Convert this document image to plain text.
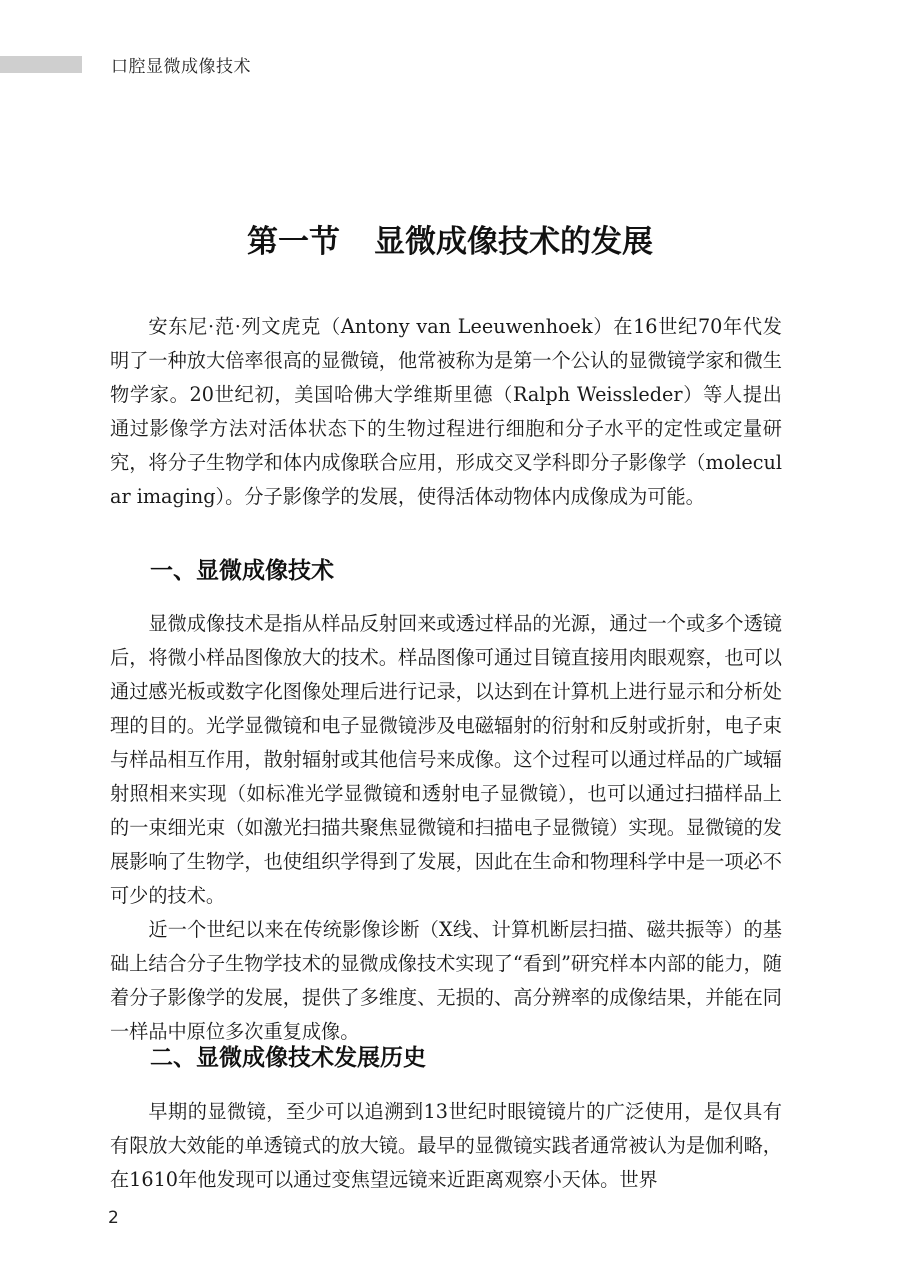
口腔显微成像技术
第一节 显微成像技术的发展

安东尼·范·列文虎克（Antony van Leeuwenhoek）在16世纪70年代发明了一种放大倍率很高的显微镜，他常被称为是第一个公认的显微镜学家和微生物学家。20世纪初，美国哈佛大学维斯里德（Ralph Weissleder）等人提出通过影像学方法对活体状态下的生物过程进行细胞和分子水平的定性或定量研究，将分子生物学和体内成像联合应用，形成交叉学科即分子影像学（molecular imaging）。分子影像学的发展，使得活体动物体内成像成为可能。

一、显微成像技术

显微成像技术是指从样品反射回来或透过样品的光源，通过一个或多个透镜后，将微小样品图像放大的技术。样品图像可通过目镜直接用肉眼观察，也可以通过感光板或数字化图像处理后进行记录，以达到在计算机上进行显示和分析处理的目的。光学显微镜和电子显微镜涉及电磁辐射的衍射和反射或折射，电子束与样品相互作用，散射辐射或其他信号来成像。这个过程可以通过样品的广域辐射照相来实现（如标准光学显微镜和透射电子显微镜），也可以通过扫描样品上的一束细光束（如激光扫描共聚焦显微镜和扫描电子显微镜）实现。显微镜的发展影响了生物学，也使组织学得到了发展，因此在生命和物理科学中是一项必不可少的技术。

近一个世纪以来在传统影像诊断（X线、计算机断层扫描、磁共振等）的基础上结合分子生物学技术的显微成像技术实现了“看到”研究样本内部的能力，随着分子影像学的发展，提供了多维度、无损的、高分辨率的成像结果，并能在同一样品中原位多次重复成像。

二、显微成像技术发展历史

早期的显微镜，至少可以追溯到13世纪时眼镜镜片的广泛使用，是仅具有有限放大效能的单透镜式的放大镜。最早的显微镜实践者通常被认为是伽利略，在1610年他发现可以通过变焦望远镜来近距离观察小天体。世界

2
